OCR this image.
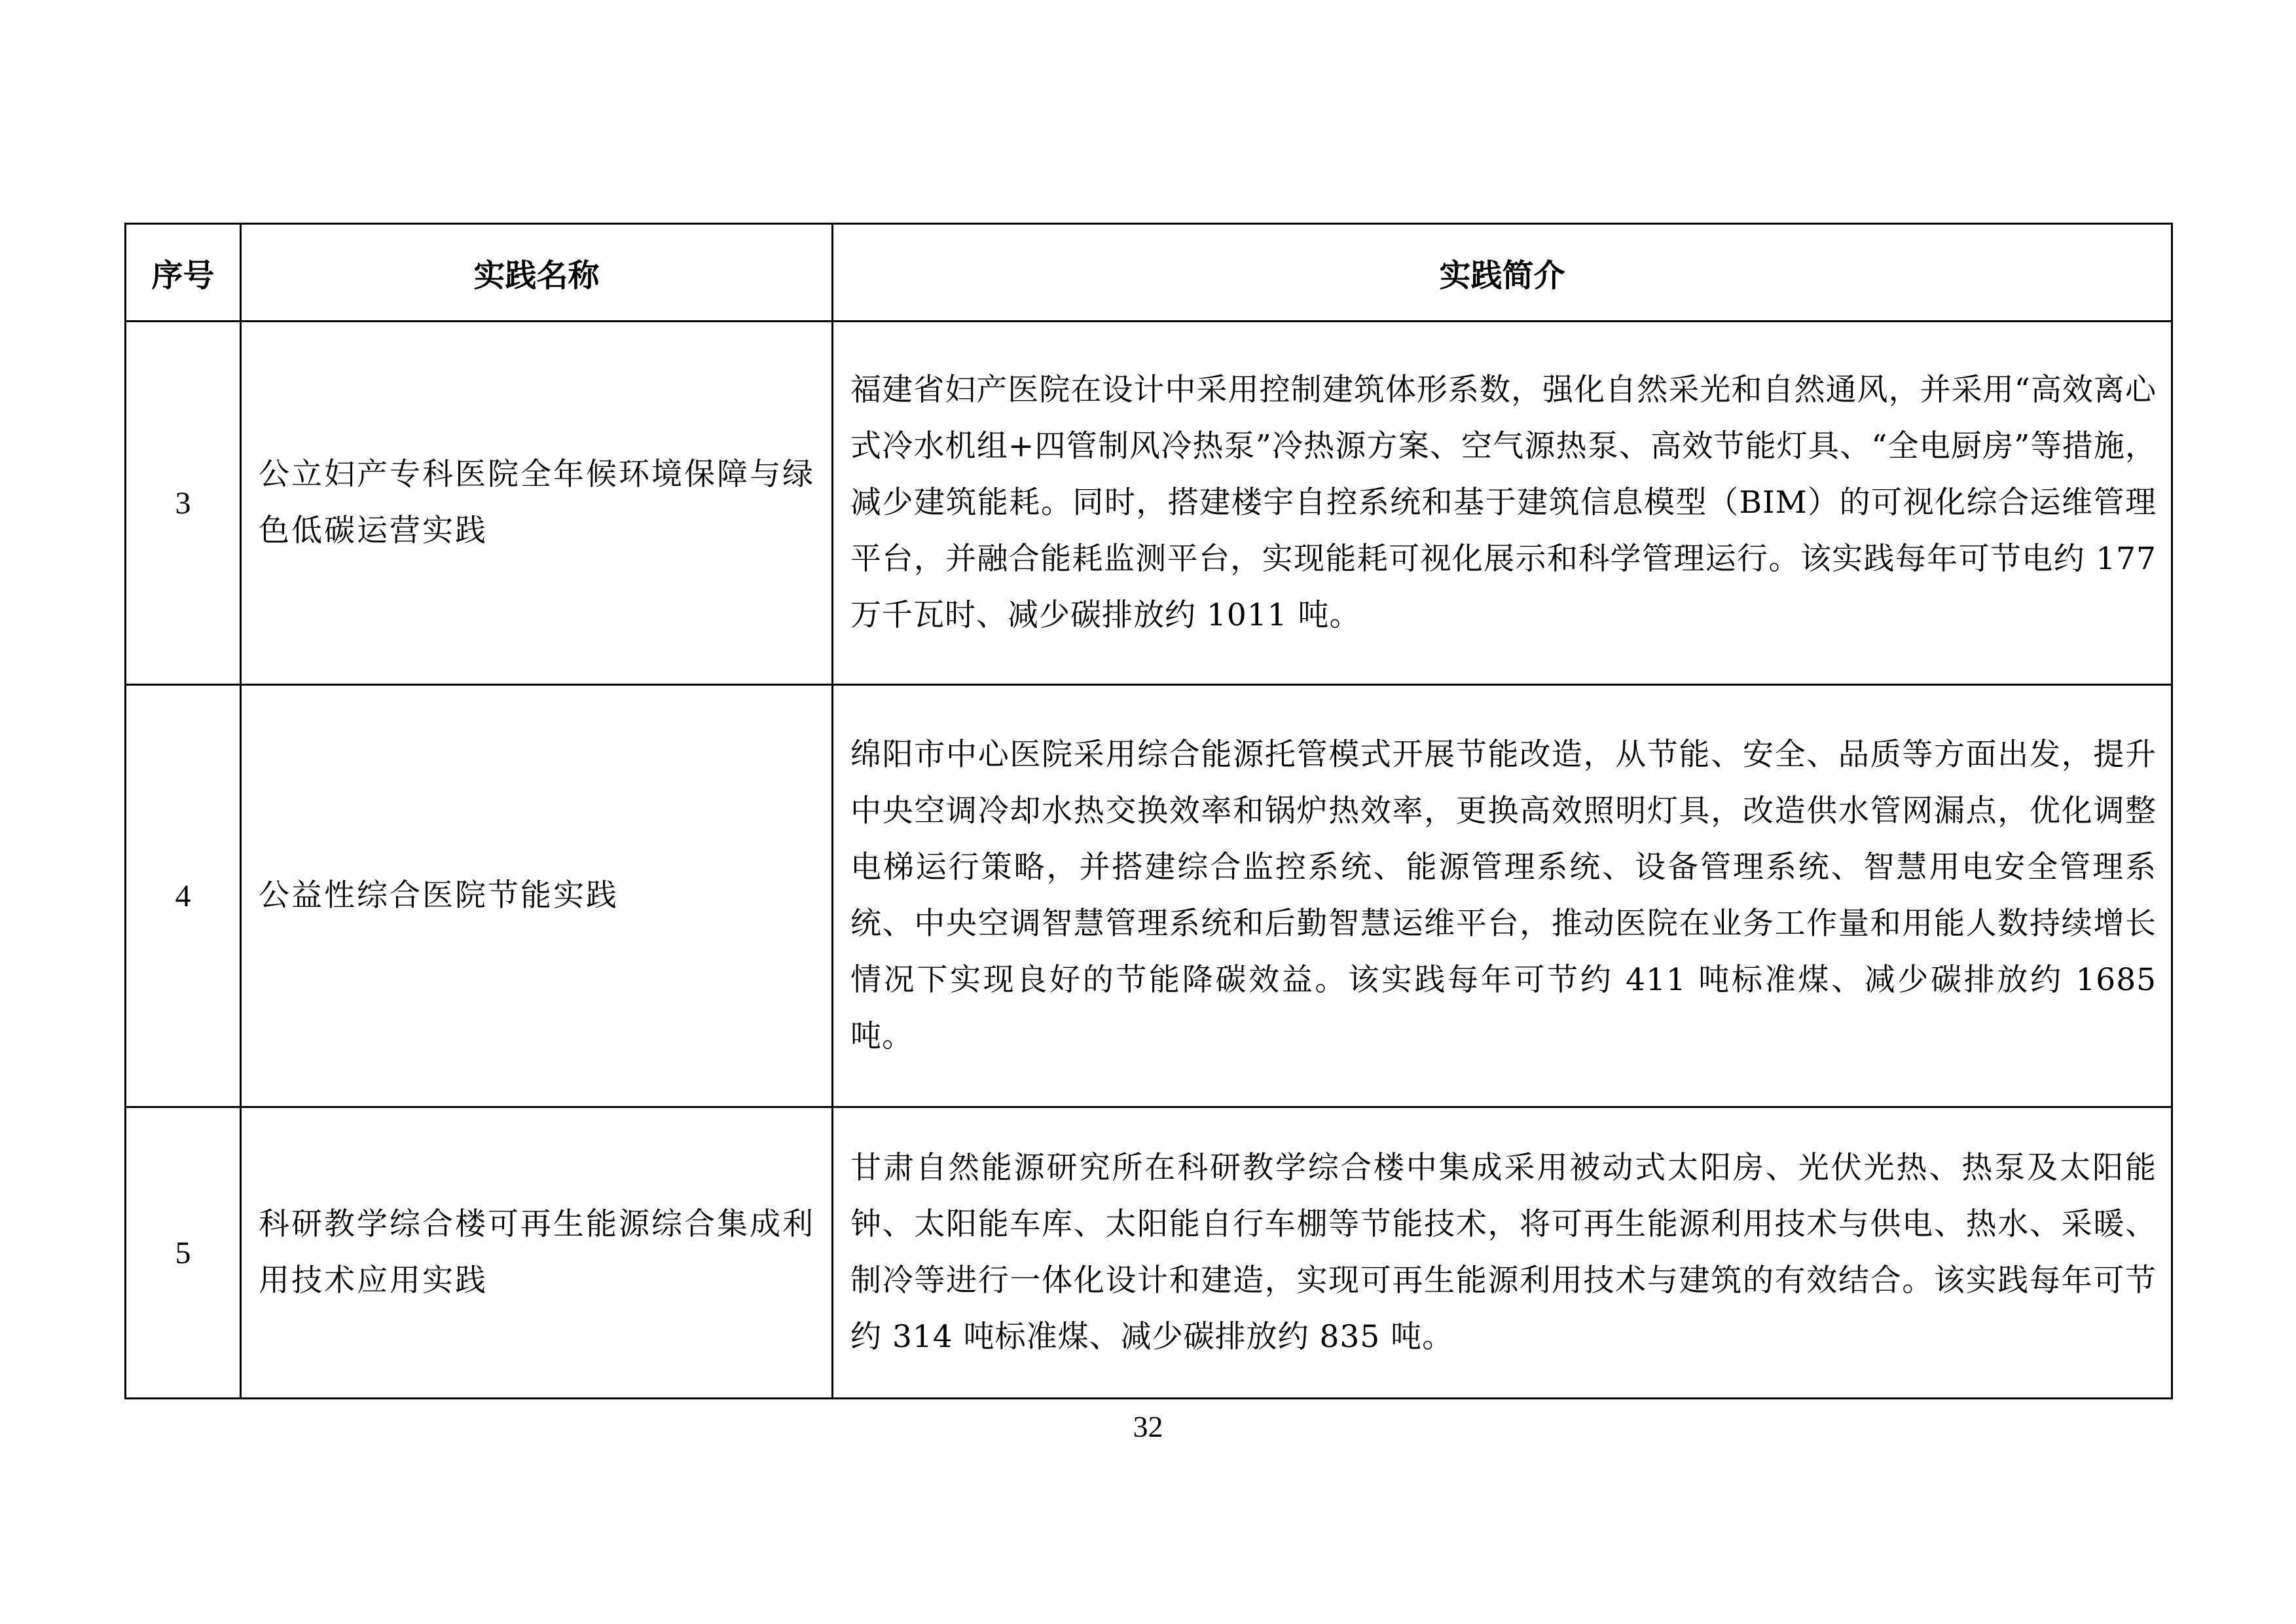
序号	实践名称	实践简介
3	公立妇产专科医院全年候环境保障与绿色低碳运营实践	福建省妇产医院在设计中采用控制建筑体形系数，强化自然采光和自然通风，并采用“高效离心式冷水机组+四管制风冷热泵”冷热源方案、空气源热泵、高效节能灯具、“全电厨房”等措施，减少建筑能耗。同时，搭建楼宇自控系统和基于建筑信息模型（BIM）的可视化综合运维管理平台，并融合能耗监测平台，实现能耗可视化展示和科学管理运行。该实践每年可节电约 177 万千瓦时、减少碳排放约 1011 吨。
4	公益性综合医院节能实践	绵阳市中心医院采用综合能源托管模式开展节能改造，从节能、安全、品质等方面出发，提升中央空调冷却水热交换效率和锅炉热效率，更换高效照明灯具，改造供水管网漏点，优化调整电梯运行策略，并搭建综合监控系统、能源管理系统、设备管理系统、智慧用电安全管理系统、中央空调智慧管理系统和后勤智慧运维平台，推动医院在业务工作量和用能人数持续增长情况下实现良好的节能降碳效益。该实践每年可节约 411 吨标准煤、减少碳排放约 1685 吨。
5	科研教学综合楼可再生能源综合集成利用技术应用实践	甘肃自然能源研究所在科研教学综合楼中集成采用被动式太阳房、光伏光热、热泵及太阳能钟、太阳能车库、太阳能自行车棚等节能技术，将可再生能源利用技术与供电、热水、采暖、制冷等进行一体化设计和建造，实现可再生能源利用技术与建筑的有效结合。该实践每年可节约 314 吨标准煤、减少碳排放约 835 吨。
32
